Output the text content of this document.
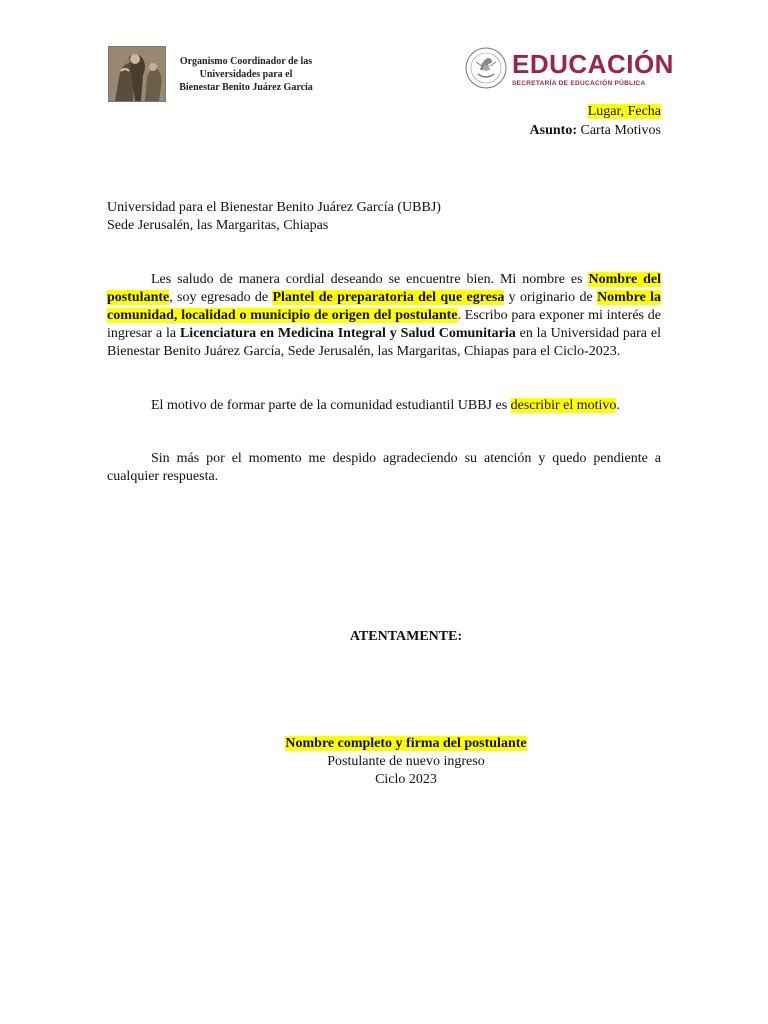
Organismo Coordinador de las
Universidades para el
Bienestar Benito Juárez García
EDUCACIÓN
SECRETARÍA DE EDUCACIÓN PÚBLICA
Lugar, Fecha
Asunto: Carta Motivos
Universidad para el Bienestar Benito Juárez García (UBBJ)
Sede Jerusalén, las Margaritas, Chiapas
Les saludo de manera cordial deseando se encuentre bien. Mi nombre es Nombre del postulante, soy egresado de Plantel de preparatoria del que egresa y originario de Nombre la comunidad, localidad o municipio de origen del postulante. Escribo para exponer mi interés de ingresar a la Licenciatura en Medicina Integral y Salud Comunitaria en la Universidad para el Bienestar Benito Juárez García, Sede Jerusalén, las Margaritas, Chiapas para el Ciclo-2023.
El motivo de formar parte de la comunidad estudiantil UBBJ es describir el motivo.
Sin más por el momento me despido agradeciendo su atención y quedo pendiente a cualquier respuesta.
ATENTAMENTE:
Nombre completo y firma del postulante
Postulante de nuevo ingreso
Ciclo 2023
